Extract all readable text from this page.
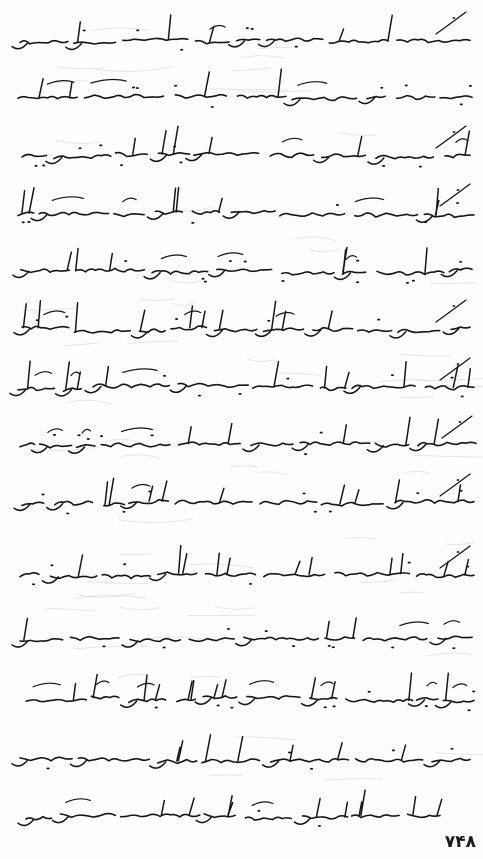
۷۴۸
